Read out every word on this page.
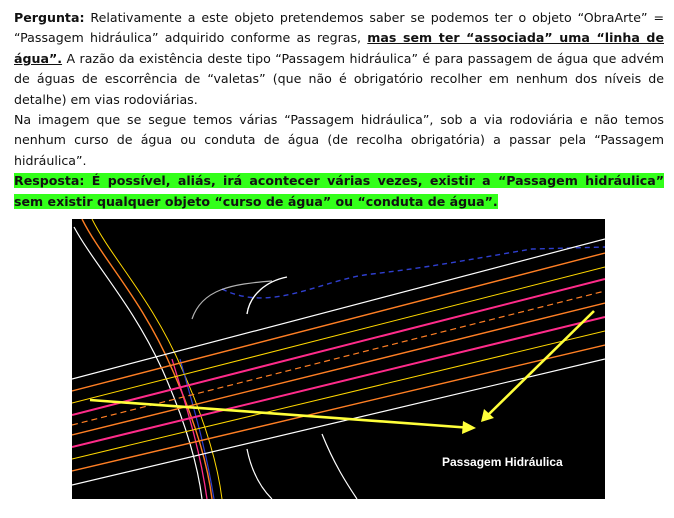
Pergunta: Relativamente a este objeto pretendemos saber se podemos ter o objeto “ObraArte” = “Passagem hidráulica” adquirido conforme as regras, mas sem ter “associada” uma “linha de água”. A razão da existência deste tipo “Passagem hidráulica” é para passagem de água que advém de águas de escorrência de “valetas” (que não é obrigatório recolher em nenhum dos níveis de detalhe) em vias rodoviárias.

Na imagem que se segue temos várias “Passagem hidráulica”, sob a via rodoviária e não temos nenhum curso de água ou conduta de água (de recolha obrigatória) a passar pela “Passagem hidráulica”.

Resposta: É possível, aliás, irá acontecer várias vezes, existir a “Passagem hidráulica” sem existir qualquer objeto “curso de água” ou “conduta de água”.

Passagem Hidráulica
